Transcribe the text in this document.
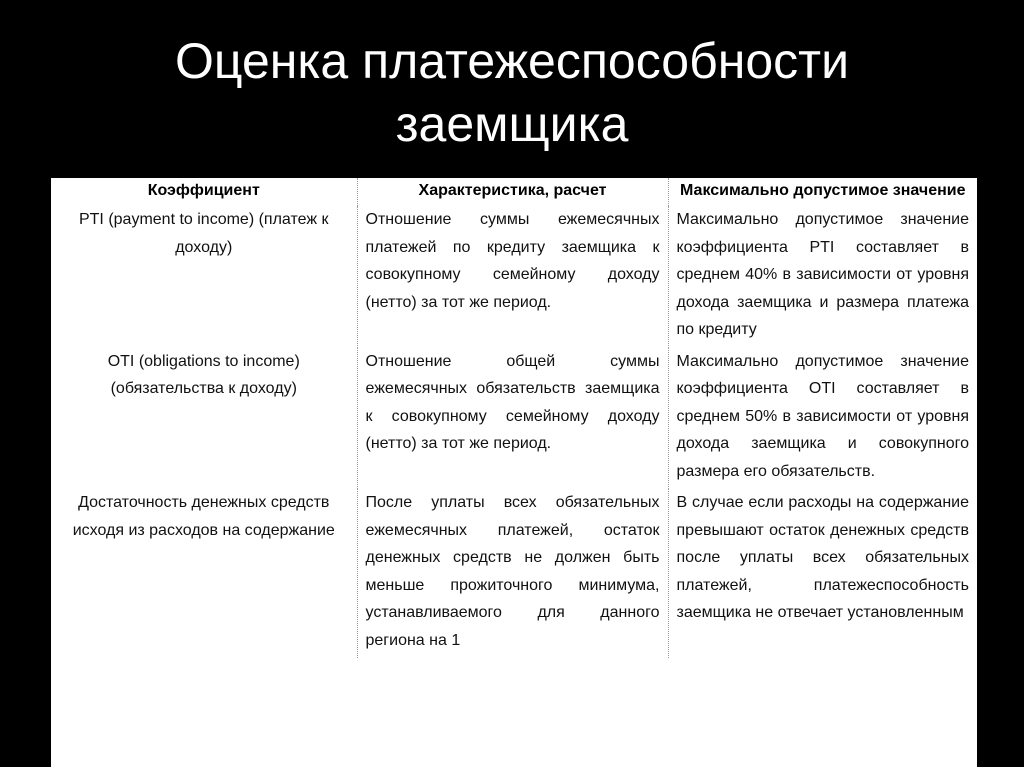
Оценка платежеспособности
заемщика
Коэффициент	Характеристика, расчет	Максимально допустимое значение
PTI (payment to income) (платеж к доходу)	Отношение суммы ежемесячных платежей по кредиту заемщика к совокупному семейному доходу (нетто) за тот же период.	Максимально допустимое значение коэффициента PTI составляет в среднем 40% в зависимости от уровня дохода заемщика и размера платежа по кредиту
OTI (obligations to income) (обязательства к доходу)	Отношение общей суммы ежемесячных обязательств заемщика к совокупному семейному доходу (нетто) за тот же период.	Максимально допустимое значение коэффициента OTI составляет в среднем 50% в зависимости от уровня дохода заемщика и совокупного размера его обязательств.
Достаточность денежных средств исходя из расходов на содержание	После уплаты всех обязательных ежемесячных платежей, остаток денежных средств не должен быть меньше прожиточного минимума, устанавливаемого для данного региона на 1	В случае если расходы на содержание превышают остаток денежных средств после уплаты всех обязательных платежей, платежеспособность заемщика не отвечает установленным
